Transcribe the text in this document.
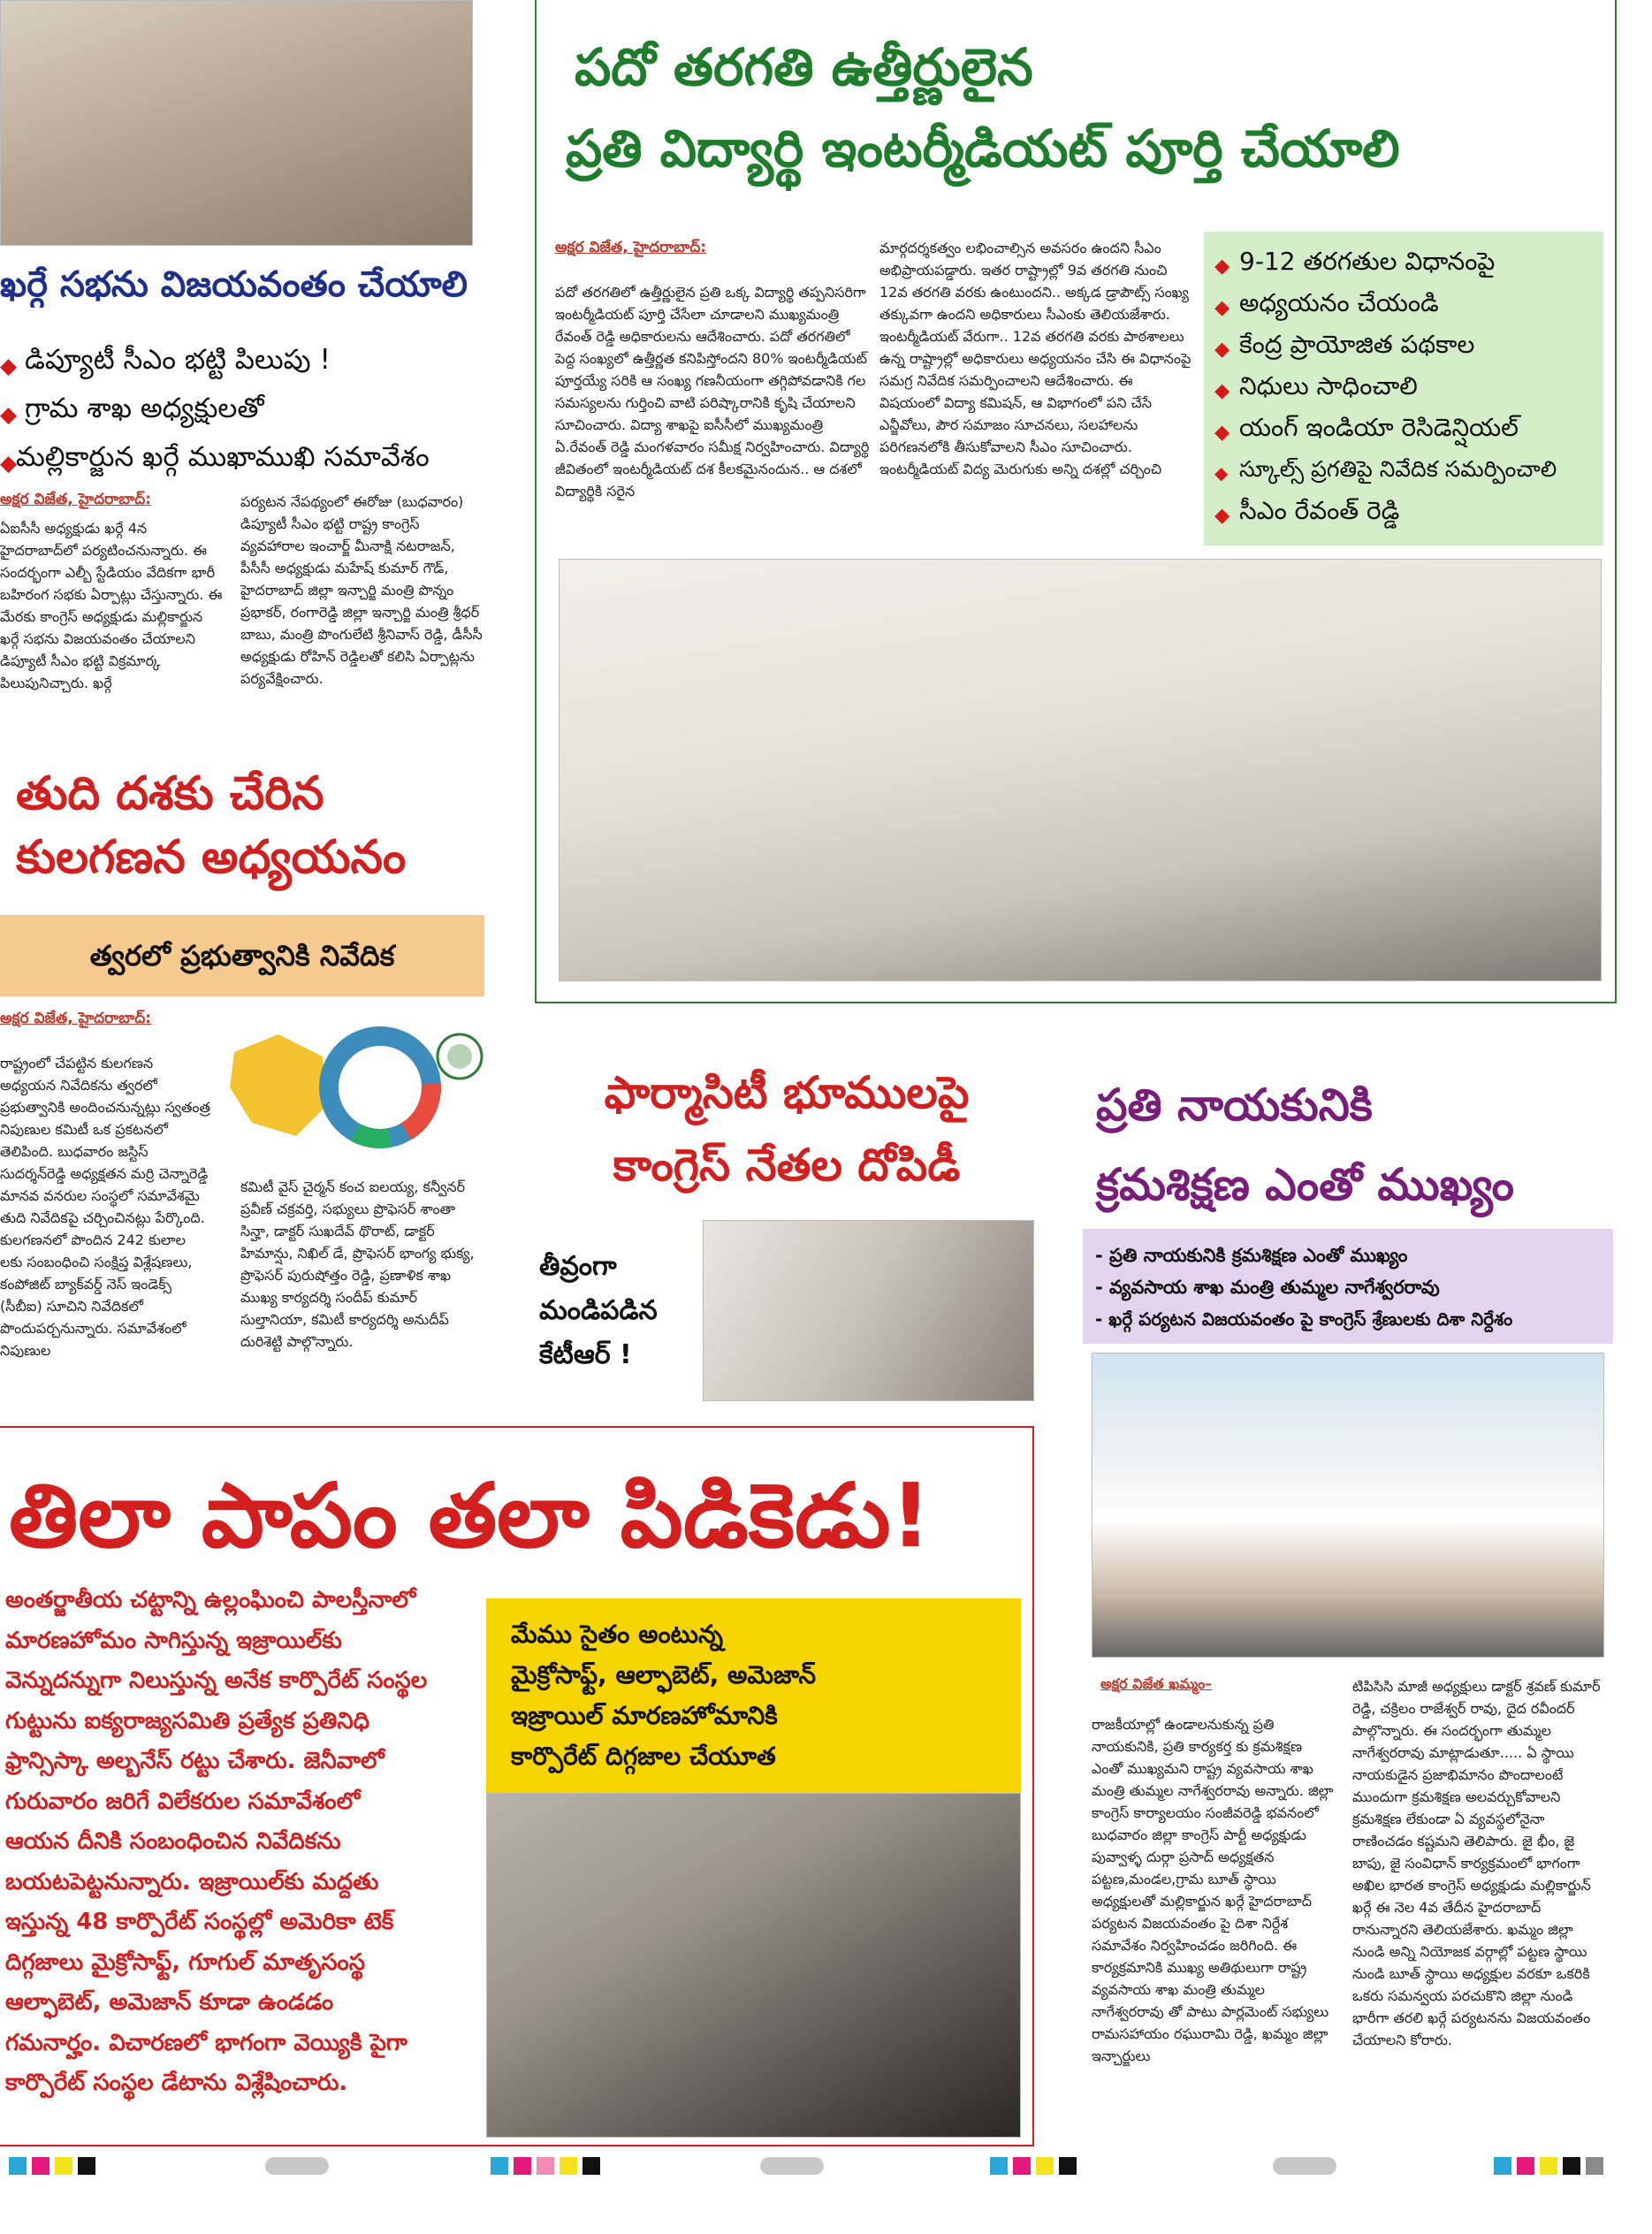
ఖర్గే సభను విజయవంతం చేయాలి
◆ డిప్యూటీ సీఎం భట్టి పిలుపు !
◆ గ్రామ శాఖ అధ్యక్షులతో
◆ మల్లికార్జున ఖర్గే ముఖాముఖి సమావేశం
అక్షర విజేత, హైదరాబాద్:
ఏఐసీసీ అధ్యక్షుడు ఖర్గే 4న హైదరాబాద్‌లో పర్యటించనున్నారు. ఈ సందర్భంగా ఎల్బీ స్టేడియం వేదికగా భారీ బహిరంగ సభకు ఏర్పాట్లు చేస్తున్నారు. ఈ మేరకు కాంగ్రెస్ అధ్యక్షుడు మల్లికార్జున ఖర్గే సభను విజయవంతం చేయాలని డిప్యూటీ సీఎం భట్టి విక్రమార్క పిలుపునిచ్చారు. ఖర్గే
పర్యటన నేపథ్యంలో ఈరోజు (బుధవారం) డిప్యూటీ సీఎం భట్టి రాష్ట్ర కాంగ్రెస్ వ్యవహారాల ఇంచార్జ్ మీనాక్షి నటరాజన్, పీసీసీ అధ్యక్షుడు మహేష్ కుమార్ గౌడ్, హైదరాబాద్ జిల్లా ఇన్చార్జి మంత్రి పొన్నం ప్రభాకర్, రంగారెడ్డి జిల్లా ఇన్చార్జి మంత్రి శ్రీధర్ బాబు, మంత్రి పొంగులేటి శ్రీనివాస్ రెడ్డి, డీసీసీ అధ్యక్షుడు రోహిన్ రెడ్డిలతో కలిసి ఏర్పాట్లను పర్యవేక్షించారు.
తుది దశకు చేరిన
కులగణన అధ్యయనం
త్వరలో ప్రభుత్వానికి నివేదిక
అక్షర విజేత, హైదరాబాద్:
రాష్ట్రంలో చేపట్టిన కులగణన అధ్యయన నివేదికను త్వరలో ప్రభుత్వానికి అందించనున్నట్లు స్వతంత్ర నిపుణుల కమిటీ ఒక ప్రకటనలో తెలిపింది. బుధవారం జస్టిస్ సుదర్శన్‌రెడ్డి అధ్యక్షతన మర్రి చెన్నారెడ్డి మానవ వనరుల సంస్థలో సమావేశమై తుది నివేదికపై చర్చించినట్లు పేర్కొంది. కులగణనలో పొందిన 242 కులాల లకు సంబంధించి సంక్షిప్త విశ్లేషణలు, కంపోజిట్ బ్యాక్‌వర్డ్ నెస్ ఇండెక్స్ (సీబీఐ) సూచిని నివేదికలో పొందుపర్చనున్నారు. సమావేశంలో నిపుణుల
కమిటీ వైస్ చైర్మన్ కంచ ఐలయ్య, కన్వీనర్ ప్రవీణ్ చక్రవర్తి, సభ్యులు ప్రొఫెసర్ శాంతా సిన్హా, డాక్టర్ సుఖదేవ్ థొరాట్, డాక్టర్ హిమాన్షు, నిఖిల్ డే, ప్రొఫెసర్ భాంగ్య భుక్య, ప్రొఫెసర్ పురుషోత్తం రెడ్డి, ప్రణాళిక శాఖ ముఖ్య కార్యదర్శి సందీప్ కుమార్ సుల్తానియా, కమిటీ కార్యదర్శి అనుదీప్ దురిశెట్టి పాల్గొన్నారు.
పదో తరగతి ఉత్తీర్ణులైన
ప్రతి విద్యార్థి ఇంటర్మీడియట్ పూర్తి చేయాలి
అక్షర విజేత, హైదరాబాద్:
పదో తరగతిలో ఉత్తీర్ణులైన ప్రతి ఒక్క విద్యార్థి తప్పనిసరిగా ఇంటర్మీడియట్ పూర్తి చేసేలా చూడాలని ముఖ్యమంత్రి రేవంత్ రెడ్డి అధికారులను ఆదేశించారు. పదో తరగతిలో పెద్ద సంఖ్యలో ఉత్తీర్ణత కనిపిస్తోందని 80% ఇంటర్మీడియట్ పూర్తయ్యే సరికి ఆ సంఖ్య గణనీయంగా తగ్గిపోవడానికి గల సమస్యలను గుర్తించి వాటి పరిష్కారానికి కృషి చేయాలని సూచించారు. విద్యా శాఖపై ఐసీసీలో ముఖ్యమంత్రి ఏ.రేవంత్ రెడ్డి మంగళవారం సమీక్ష నిర్వహించారు. విద్యార్థి జీవితంలో ఇంటర్మీడియట్ దశ కీలకమైనందున.. ఆ దశలో విద్యార్థికి సరైన
మార్గదర్శకత్వం లభించాల్సిన అవసరం ఉందని సీఎం అభిప్రాయపడ్డారు. ఇతర రాష్ట్రాల్లో 9వ తరగతి నుంచి 12వ తరగతి వరకు ఉంటుందని.. అక్కడ డ్రాపౌట్స్ సంఖ్య తక్కువగా ఉందని అధికారులు సీఎంకు తెలియజేశారు. ఇంటర్మీడియట్ వేరుగా.. 12వ తరగతి వరకు పాఠశాలలు ఉన్న రాష్ట్రాల్లో అధికారులు అధ్యయనం చేసి ఈ విధానంపై సమగ్ర నివేదిక సమర్పించాలని ఆదేశించారు. ఈ విషయంలో విద్యా కమిషన్, ఆ విభాగంలో పని చేసే ఎన్జీవోలు, పౌర సమాజం సూచనలు, సలహాలను పరిగణనలోకి తీసుకోవాలని సీఎం సూచించారు. ఇంటర్మీడియట్ విద్య మెరుగుకు అన్ని దశల్లో చర్చించి
◆ 9-12 తరగతుల విధానంపై
◆ అధ్యయనం చేయండి
◆ కేంద్ర ప్రాయోజిత పథకాల
◆ నిధులు సాధించాలి
◆ యంగ్ ఇండియా రెసిడెన్షియల్
◆ స్కూల్స్ ప్రగతిపై నివేదిక సమర్పించాలి
◆ సీఎం రేవంత్ రెడ్డి
ఫార్మాసిటీ భూములపై
కాంగ్రెస్ నేతల దోపిడీ
తీవ్రంగా
మండిపడిన
కేటీఆర్ !
ప్రతి నాయకునికి
క్రమశిక్షణ ఎంతో ముఖ్యం
- ప్రతి నాయకునికి క్రమశిక్షణ ఎంతో ముఖ్యం
- వ్యవసాయ శాఖ మంత్రి తుమ్మల నాగేశ్వరరావు
- ఖర్గే పర్యటన విజయవంతం పై కాంగ్రెస్ శ్రేణులకు దిశా నిర్దేశం
అక్షర విజేత ఖమ్మం–
రాజకీయాల్లో ఉండాలనుకున్న ప్రతి నాయకునికి, ప్రతి కార్యకర్త కు క్రమశిక్షణ ఎంతో ముఖ్యమని రాష్ట్ర వ్యవసాయ శాఖ మంత్రి తుమ్మల నాగేశ్వరరావు అన్నారు. జిల్లా కాంగ్రెస్ కార్యాలయం సంజీవరెడ్డి భవనంలో బుధవారం జిల్లా కాంగ్రెస్ పార్టీ అధ్యక్షుడు పువ్వాళ్ళ దుర్గా ప్రసాద్ అధ్యక్షతన పట్టణ,మండల,గ్రామ బూత్ స్థాయి అధ్యక్షులతో మల్లికార్జున ఖర్గే హైదరాబాద్ పర్యటన విజయవంతం పై దిశా నిర్దేశ సమావేశం నిర్వహించడం జరిగింది. ఈ కార్యక్రమానికి ముఖ్య అతిథులుగా రాష్ట్ర వ్యవసాయ శాఖ మంత్రి తుమ్మల నాగేశ్వరరావు తో పాటు పార్లమెంట్ సభ్యులు రామసహాయం రఘురామి రెడ్డి, ఖమ్మం జిల్లా ఇన్చార్జులు
టిపిసిసి మాజీ అధ్యక్షులు డాక్టర్ శ్రవణ్ కుమార్ రెడ్డి, చక్రిలం రాజేశ్వర్ రావు, దైద రవీందర్ పాల్గొన్నారు. ఈ సందర్భంగా తుమ్మల నాగేశ్వరరావు మాట్లాడుతూ..... ఏ స్థాయి నాయకుడైన ప్రజాభిమానం పొందాలంటే ముందుగా క్రమశిక్షణ అలవర్చుకోవాలని క్రమశిక్షణ లేకుండా ఏ వ్యవస్థలోనైనా రాణించడం కష్టమని తెలిపారు. జై భీం, జై బాపు, జై సంవిధాన్ కార్యక్రమంలో భాగంగా అఖిల భారత కాంగ్రెస్ అధ్యక్షుడు మల్లికార్జున్ ఖర్గే ఈ నెల 4వ తేదీన హైదరాబాద్ రానున్నారని తెలియజేశారు. ఖమ్మం జిల్లా నుండి అన్ని నియోజక వర్గాల్లో పట్టణ స్థాయి నుండి బూత్ స్థాయి అధ్యక్షుల వరకూ ఒకరికి ఒకరు సమన్వయ పరచుకొని జిల్లా నుండి భారీగా తరలి ఖర్గే పర్యటనను విజయవంతం చేయాలని కోరారు.
తిలా పాపం తలా పిడికెడు!
అంతర్జాతీయ చట్టాన్ని ఉల్లంఘించి పాలస్తీనాలో
మారణహోమం సాగిస్తున్న ఇజ్రాయిల్‌కు
వెన్నుదన్నుగా నిలుస్తున్న అనేక కార్పొరేట్ సంస్థల
గుట్టును ఐక్యరాజ్యసమితి ప్రత్యేక ప్రతినిధి
ఫ్రాన్సిస్కా అల్బనేస్ రట్టు చేశారు. జెనీవాలో
గురువారం జరిగే విలేకరుల సమావేశంలో
ఆయన దీనికి సంబంధించిన నివేదికను
బయటపెట్టనున్నారు. ఇజ్రాయిల్‌కు మద్దతు
ఇస్తున్న 48 కార్పొరేట్ సంస్థల్లో అమెరికా టెక్
దిగ్గజాలు మైక్రోసాఫ్ట్, గూగుల్ మాతృసంస్థ
ఆల్ఫాబెట్, అమెజాన్ కూడా ఉండడం
గమనార్హం. విచారణలో భాగంగా వెయ్యికి పైగా
కార్పొరేట్ సంస్థల డేటాను విశ్లేషించారు.
మేము సైతం అంటున్న
మైక్రోసాఫ్ట్, ఆల్ఫాబెట్, అమెజాన్
ఇజ్రాయిల్ మారణహోమానికి
కార్పొరేట్ దిగ్గజాల చేయూత
